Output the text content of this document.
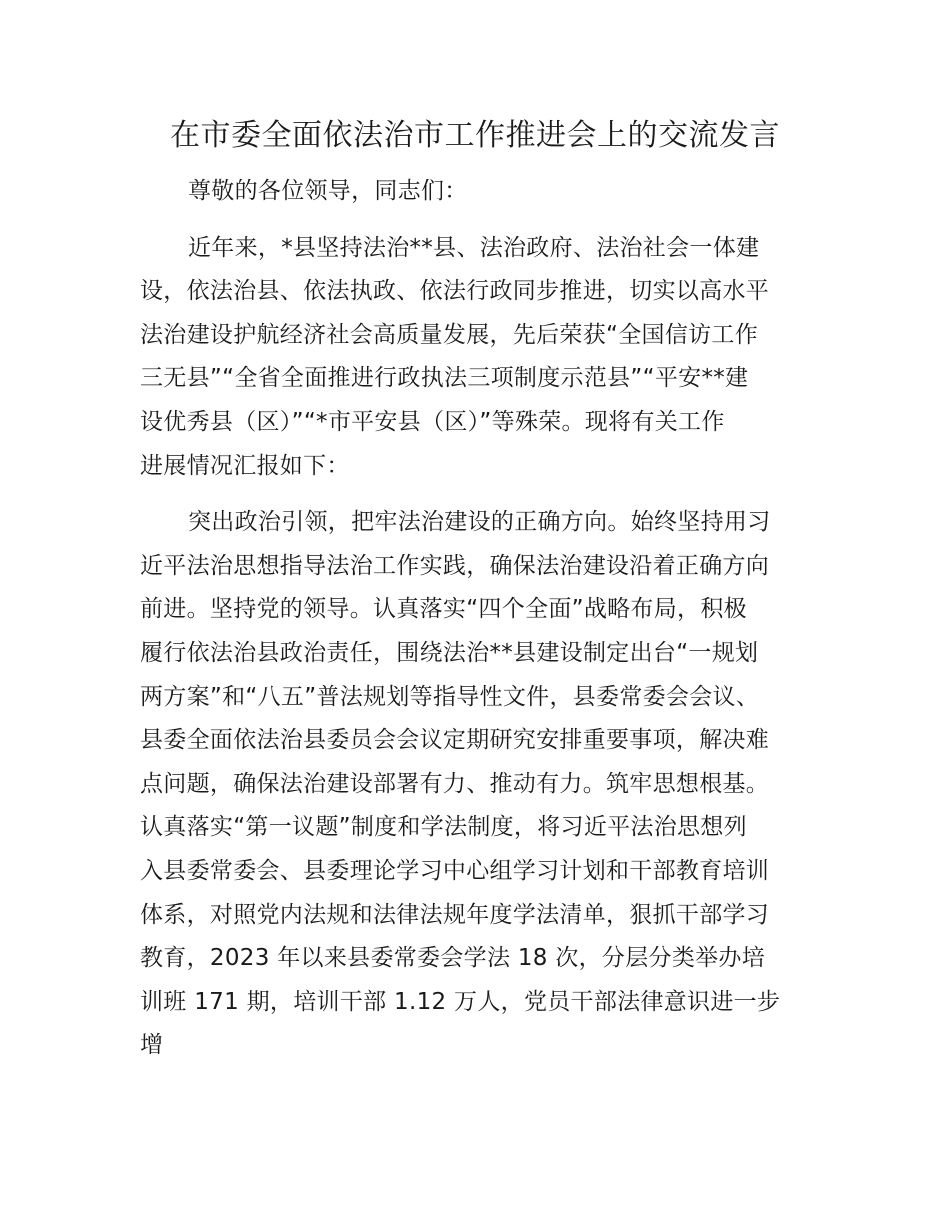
在市委全面依法治市工作推进会上的交流发言

尊敬的各位领导，同志们：

近年来，*县坚持法治**县、法治政府、法治社会一体建

设，依法治县、依法执政、依法行政同步推进，切实以高水平

法治建设护航经济社会高质量发展，先后荣获“全国信访工作

三无县”“全省全面推进行政执法三项制度示范县”“平安**建

设优秀县（区）”“*市平安县（区）”等殊荣。现将有关工作

进展情况汇报如下：

突出政治引领，把牢法治建设的正确方向。始终坚持用习

近平法治思想指导法治工作实践，确保法治建设沿着正确方向

前进。坚持党的领导。认真落实“四个全面”战略布局，积极

履行依法治县政治责任，围绕法治**县建设制定出台“一规划

两方案”和“八五”普法规划等指导性文件，县委常委会会议、

县委全面依法治县委员会会议定期研究安排重要事项，解决难

点问题，确保法治建设部署有力、推动有力。筑牢思想根基。

认真落实“第一议题”制度和学法制度，将习近平法治思想列

入县委常委会、县委理论学习中心组学习计划和干部教育培训

体系，对照党内法规和法律法规年度学法清单，狠抓干部学习

教育，2023 年以来县委常委会学法 18 次，分层分类举办培

训班 171 期，培训干部 1.12 万人，党员干部法律意识进一步

增
